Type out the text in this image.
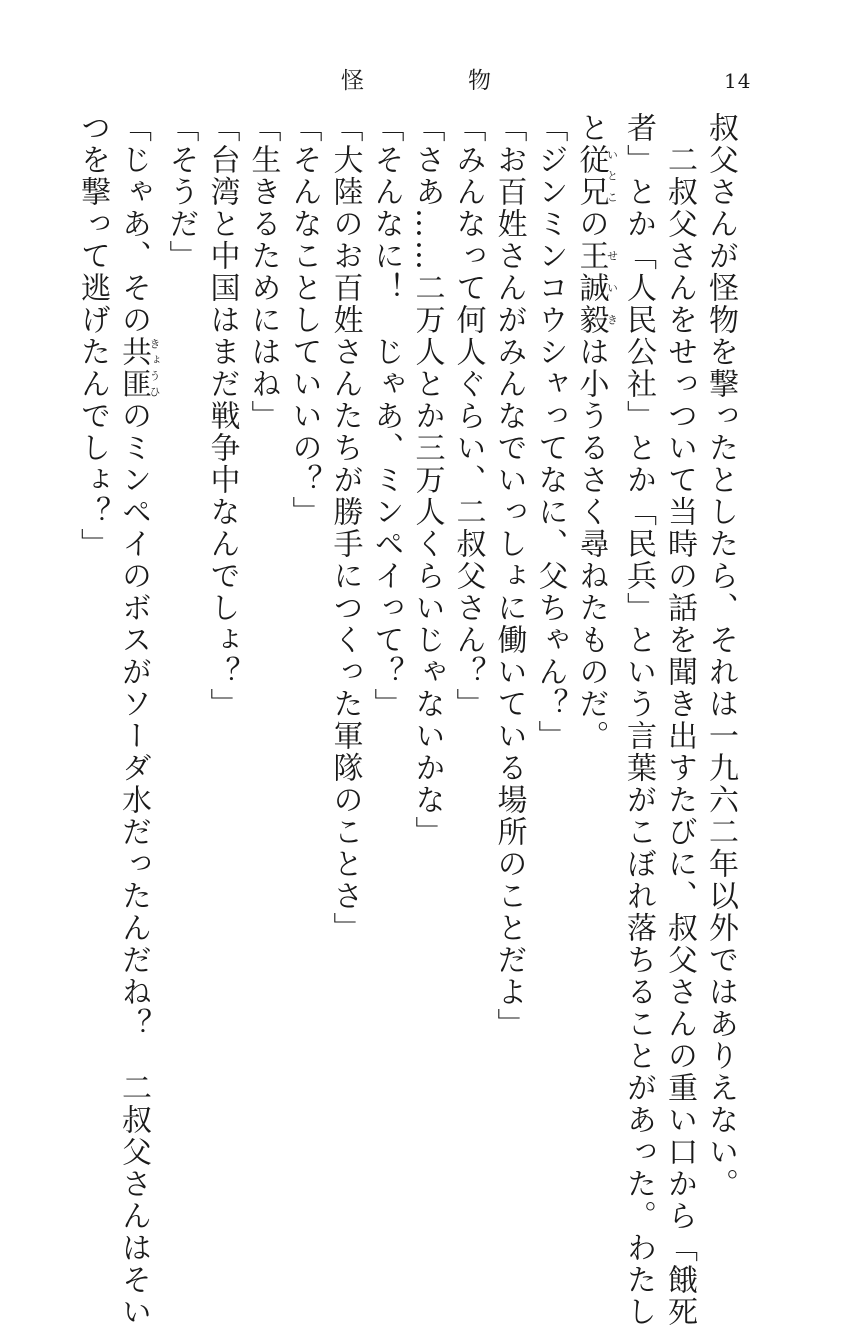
怪	物	14

叔父さんが怪物を撃ったとしたら、それは一九六二年以外ではありえない。

二叔父さんをせっついて当時の話を聞き出すたびに、叔父さんの重い口から「餓死

者」とか「人民公社」とか「民兵」という言葉がこぼれ落ちることがあった。わたし

と従兄いとこの王誠毅せいきは小うるさく尋ねたものだ。

「ジンミンコウシャってなに、父ちゃん？」

「お百姓さんがみんなでいっしょに働いている場所のことだよ」

「みんなって何人ぐらい、二叔父さん？」

「さあ……二万人とか三万人くらいじゃないかな」

「そんなに！　じゃあ、ミンペイって？」

「大陸のお百姓さんたちが勝手につくった軍隊のことさ」

「そんなことしていいの？」

「生きるためにはね」

「台湾と中国はまだ戦争中なんでしょ？」

「そうだ」

「じゃあ、その共匪きょうひのミンペイのボスがソーダ水だったんだね？　二叔父さんはそい

つを撃って逃げたんでしょ？」
